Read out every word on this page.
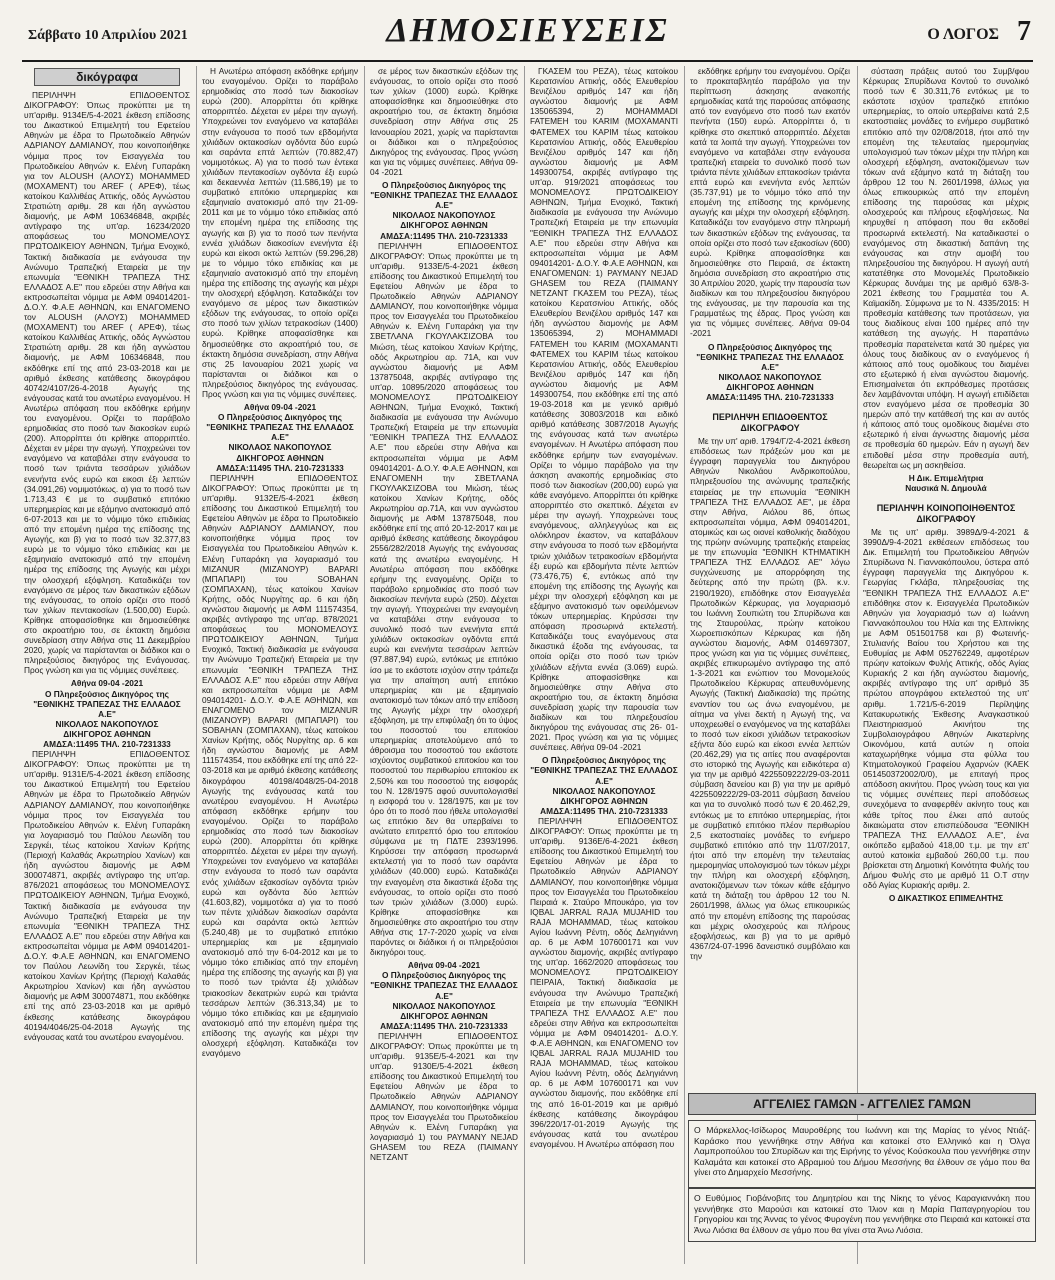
Σάββατο 10 Απριλίου 2021	ΔΗΜΟΣΙΕΥΣΕΙΣ	Ο ΛΟΓΟΣ 7
δικόγραφα

ΠΕΡΙΛΗΨΗ ΕΠΙΔΟΘΕΝΤΟΣ ΔΙΚΟΓΡΑΦΟΥ: Όπως προκύπτει με τη υπ'αριθμ. 9134Ε/5-4-2021 έκθεση επίδοσης του Δικαστικού Επιμελητή του Εφετείου Αθηνών με έδρα το Πρωτοδικείο Αθηνών ΑΔΡΙΑΝΟΥ ΔΑΜΙΑΝΟΥ, που κοινοποιήθηκε νόμιμα προς τον Εισαγγελέα του Πρωτοδικείου Αθηνών κ. Ελένη Γυπαράκη για τον ALOUSH (ΑΛΟΥΣ) MOHAMMED (MOXAMENT) του AREF ( ΑΡΕΦ), τέως κατοίκου Καλλιθέας Αττικής, οδός Αγνώστου Στρατιώτη αριθμ. 28 και ήδη αγνώστου διαμονής, με ΑΦΜ 106346848, ακριβές αντίγραφο της υπ'αρ. 16234/2020 αποφάσεως του ΜΟΝΟΜΕΛΟΥΣ ΠΡΩΤΟΔΙΚΕΙΟΥ ΑΘΗΝΩΝ, Τμήμα Ενοχικό, Τακτική διαδικασία με ενάγουσα την Ανώνυμο Τραπεζική Εταιρεία με την επωνυμία "ΕΘΝΙΚΗ ΤΡΑΠΕΖΑ ΤΗΣ ΕΛΛΑΔΟΣ Α.Ε" που εδρεύει στην Αθήνα και εκπροσωπείται νόμιμα με ΑΦΜ 094014201- Δ.Ο.Υ. Φ.Α.Ε ΑΘΗΝΩΝ, και ΕΝΑΓΟΜΕΝΟ τον ALOUSH (ΑΛΟΥΣ) MOHAMMED (MOXAMENT) του AREF ( ΑΡΕΦ), τέως κατοίκου Καλλιθέας Αττικής, οδός Αγνώστου Στρατιώτη αριθμ. 28 και ήδη αγνώστου διαμονής, με ΑΦΜ 106346848, που εκδόθηκε επί της από 23-03-2018 και με αριθμό έκθεσης κατάθεσης δικογράφου 40742/4107/26-4-2018 Αγωγής της ενάγουσας κατά του ανωτέρω εναγομένου. Η Ανωτέρω απόφαση που εκδόθηκε ερήμην του εναγομένου. Ορίζει το παράβολο ερημοδικίας στο ποσό των διακοσίων ευρώ (200). Απορρίπτει ότι κρίθηκε απορριπτέο. Δέχεται εν μέρει την αγωγή. Υποχρεώνει τον εναγόμενο να καταβάλει στην ενάγουσα το ποσό των τριάντα τεσσάρων χιλιάδων ενενήντα ενός ευρώ και εικοσι έξι λεπτών (34.091,26) νομιμοτόκως. α) για το ποσό των 1.713,43 € με το συμβατικό επιτόκιο υπερημερίας και με εξάμηνο ανατοκισμό από 6-07-2013 και με το νόμιμο τόκο επιδικίας από την επομένη ημέρα της επίδοσης της Αγωγής, και β) για το ποσό των 32.377,83 ευρώ με το νόμιμο τόκο επιδικίας και με εξαμηνιαίο ανατοκισμό από την επομένη ημέρα της επίδοσης της Αγωγής και μέχρι την ολοσχερή εξόφληση. Καταδικάζει τον εναγόμενο σε μέρος των δικαστικών εξόδων της ενάγουσας, το οποίο ορίζει στο ποσό των χιλίων πεντακοσίων (1.500,00) Ευρώ. Κρίθηκε αποφασίσθηκε και δημοσιεύθηκε στο ακροατήριο του, σε έκτακτη δημόσια συνεδρίαση στην Αθήνα στις 11 Δεκεμβρίου 2020, χωρίς να παρίστανται οι διάδικοι και ο πληρεξούσιος δικηγόρος της Ενάγουσας. Προς γνώση και για τις νόμιμες συνέπειες.

Αθήνα 09-04 -2021

Ο Πληρεξούσιος Δικηγόρος της "ΕΘΝΙΚΗΣ ΤΡΑΠΕΖΑΣ ΤΗΣ ΕΛΛΑΔΟΣ Α.Ε"

ΝΙΚΟΛΑΟΣ ΝΑΚΟΠΟΥΛΟΣ

ΔΙΚΗΓΟΡΟΣ ΑΘΗΝΩΝ

ΑΜΔΣΑ:11495 ΤΗΛ. 210-7231333

ΠΕΡΙΛΗΨΗ ΕΠΙΔΟΘΕΝΤΟΣ ΔΙΚΟΓΡΑΦΟΥ: Όπως προκύπτει με τη υπ'αριθμ. 9131Ε/5-4-2021 έκθεση επίδοσης του Δικαστικού Επιμελητή του Εφετείου Αθηνών με έδρα το Πρωτοδικείο Αθηνών ΑΔΡΙΑΝΟΥ ΔΑΜΙΑΝΟΥ, που κοινοποιήθηκε νόμιμα προς τον Εισαγγελέα του Πρωτοδικείου Αθηνών κ. Ελένη Γυπαράκη για λογαριασμό του Παύλου Λεωνίδη του Σεργκέι, τέως κατοίκου Χανίων Κρήτης (Περιοχή Καλαθάς Ακρωτηρίου Χανίων) και ήδη αγνώστου διαμονής με ΑΦΜ 300074871, ακριβές αντίγραφο της υπ'αρ. 876/2021 αποφάσεως του ΜΟΝΟΜΕΛΟΥΣ ΠΡΩΤΟΔΙΚΕΙΟΥ ΑΘΗΝΩΝ, Τμήμα Ενοχικό, Τακτική διαδικασία με ενάγουσα την Ανώνυμο Τραπεζική Εταιρεία με την επωνυμία "ΕΘΝΙΚΗ ΤΡΑΠΕΖΑ ΤΗΣ ΕΛΛΑΔΟΣ Α.Ε" που εδρεύει στην Αθήνα και εκπροσωπείται νόμιμα με ΑΦΜ 094014201- Δ.Ο.Υ. Φ.Α.Ε ΑΘΗΝΩΝ, και ΕΝΑΓΟΜΕΝΟ τον Παύλου Λεωνίδη του Σεργκέι, τέως κατοίκου Χανίων Κρήτης (Περιοχή Καλαθάς Ακρωτηρίου Χανίων) και ήδη αγνώστου διαμονής με ΑΦΜ 300074871, που εκδόθηκε επί της από 23-03-2018 και με αριθμό έκθεσης κατάθεσης δικογράφου 40194/4046/25-04-2018 Αγωγής της ενάγουσας κατά του ανωτέρου εναγομένου.

Η Ανωτέρω απόφαση εκδόθηκε ερήμην του εναγομένου. Ορίζει το παράβολο ερημοδικίας στο ποσό των διακοσίων ευρώ (200). Απορρίπτει ότι κρίθηκε απορριπτέο. Δέχεται εν μέρει την αγωγή. Υποχρεώνει τον εναγόμενο να καταβάλει στην ενάγουσα το ποσό των εβδομήντα χιλιάδων οκτακοσίων ογδόντα δύο ευρώ και σαράντα επτά λεπτών (70.882,47) νομιμοτόκως. Α) για το ποσό των έντεκα χιλιάδων πεντακοσίων ογδόντα έξι ευρώ και δεκαεννέα λεπτών (11.586,19) με το συμβατικό επιτόκιο υπερημερίας και εξαμηνιαίο ανατοκισμό από την 21-09-2011 και με το νόμιμο τόκο επιδικίας από την επομένη ημέρα της επίδοσης της αγωγής και β) για το ποσό των πενήντα εννέα χιλιάδων διακοσίων ενενήντα έξι ευρώ και είκοσι οκτώ λεπτών (59.296,28) με το νόμιμο τόκο επιδικίας και με εξαμηνιαίο ανατοκισμό από την επομένη ημέρα της επίδοσης της αγωγής και μέχρι την ολοσχερή εξόφληση. Καταδικάζει τον εναγόμενο σε μέρος των δικαστικών εξόδων της ενάγουσας, το οποίο ορίζει στο ποσό των χιλίων τετρακοσίων (1400) ευρώ. Κρίθηκε αποφασίσθηκε και δημοσιεύθηκε στο ακροατήριό του, σε έκτακτη δημόσια συνεδρίαση, στην Αθήνα στις 25 Ιανουαρίου 2021 χωρίς να παρίστανται οι διάδικοι και ο πληρεξούσιος δικηγόρος της ενάγουσας. Προς γνώση και για τις νόμιμες συνέπειες.

Αθήνα 09-04 -2021

Ο Πληρεξούσιος Δικηγόρος της "ΕΘΝΙΚΗΣ ΤΡΑΠΕΖΑΣ ΤΗΣ ΕΛΛΑΔΟΣ Α.Ε"

ΝΙΚΟΛΑΟΣ ΝΑΚΟΠΟΥΛΟΣ

ΔΙΚΗΓΟΡΟΣ ΑΘΗΝΩΝ

ΑΜΔΣΑ:11495 ΤΗΛ. 210-7231333

ΠΕΡΙΛΗΨΗ ΕΠΙΔΟΘΕΝΤΟΣ ΔΙΚΟΓΡΑΦΟΥ: Όπως προκύπτει με τη υπ'αριθμ. 9132Ε/5-4-2021 έκθεση επίδοσης του Δικαστικού Επιμελητή του Εφετείου Αθηνών με έδρα το Πρωτοδικείο Αθηνών ΑΔΡΙΑΝΟΥ ΔΑΜΙΑΝΟΥ, που κοινοποιήθηκε νόμιμα προς τον Εισαγγελέα του Πρωτοδικείου Αθηνών κ. Ελένη Γυπαράκη για λογαριασμό του MIZANUR (ΜΙΖΑΝΟΥΡ) BAPARI (ΜΠΑΠΑΡΙ) του SOBAHAN (ΣΟΜΠΑΧΑΝ), τέως κατοίκου Χανίων Κρήτης, οδός Νυργίτης αρ. 6 και ήδη αγνώστου διαμονής με ΑΦΜ 111574354, ακριβές αντίγραφο της υπ'αρ. 878/2021 αποφάσεως του ΜΟΝΟΜΕΛΟΥΣ ΠΡΩΤΟΔΙΚΕΙΟΥ ΑΘΗΝΩΝ, Τμήμα Ενοχικό, Τακτική διαδικασία με ενάγουσα την Ανώνυμο Τραπεζική Εταιρεία με την επωνυμία "ΕΘΝΙΚΗ ΤΡΑΠΕΖΑ ΤΗΣ ΕΛΛΑΔΟΣ Α.Ε" που εδρεύει στην Αθήνα και εκπροσωπείται νόμιμα με ΑΦΜ 094014201- Δ.Ο.Υ. Φ.Α.Ε ΑΘΗΝΩΝ, και ΕΝΑΓΟΜΕΝΟ τον MIZANUR (ΜΙΖΑΝΟΥΡ) BAPARI (ΜΠΑΠΑΡΙ) του SOBAHAN (ΣΟΜΠΑΧΑΝ), τέως κατοίκου Χανίων Κρήτης, οδός Νυργίτης αρ. 6 και ήδη αγνώστου διαμονής με ΑΦΜ 111574354, που εκδόθηκε επί της από 22-03-2018 και με αριθμό έκθεσης κατάθεσης δικογράφου 40198/4048/25-04-2018 Αγωγής της ενάγουσας κατά του ανωτέρου εναγομένου. Η Ανωτέρω απόφαση εκδόθηκε ερήμην του εναγομένου. Ορίζει το παράβολο ερημοδικίας στο ποσό των διακοσίων ευρώ (200). Απορρίπτει ότι κρίθηκε απορριπτέο. Δέχεται εν μέρει την αγωγή. Υποχρεώνει τον εναγόμενο να καταβάλει στην ενάγουσα το ποσό των σαράντα ενός χιλιάδων εξακοσίων ογδόντα τριών ευρώ και ογδόντα δύο λεπτών (41.603,82), νομιμοτόκα α) για το ποσό των πέντε χιλιάδων διακοσίων σαράντα ευρώ και σαράντα οκτώ λεπτών (5.240,48) με το συμβατικό επιτόκιο υπερημερίας και με εξαμηνιαίο ανατοκισμό από την 6-04-2012 και με το νόμιμο τόκο επιδικίας από την επομένη ημέρα της επίδοσης της αγωγής και β) για το ποσό των τριάντα έξι χιλιάδων τριακοσίων δεκατριών ευρώ και τριάντα τεσσάρων λεπτών (36.313,34) με το νόμιμο τόκο επιδικίας και με εξαμηνιαίο ανατοκισμό από την επομένη ημέρα της επίδοσης της αγωγής και μέχρι την ολοσχερή εξόφληση. Καταδικάζει τον εναγόμενο

σε μέρος των δικαστικών εξόδων της ενάγουσας, το οποίο ορίζει στο ποσό των χιλίων (1000) ευρώ. Κρίθηκε αποφασίσθηκε και δημοσιεύθηκε στο ακροατήριο του, σε έκτακτη δημόσια συνεδρίαση στην Αθήνα στις 25 Ιανουαρίου 2021, χωρίς να παρίστανται οι διάδικοι και ο πληρεξούσιος Δικηγόρος της ενάγουσας. Προς γνώση και για τις νόμιμες συνέπειες. Αθήνα 09-04 -2021

Ο Πληρεξούσιος Δικηγόρος της "ΕΘΝΙΚΗΣ ΤΡΑΠΕΖΑΣ ΤΗΣ ΕΛΛΑΔΟΣ Α.Ε"

ΝΙΚΟΛΑΟΣ ΝΑΚΟΠΟΥΛΟΣ

ΔΙΚΗΓΟΡΟΣ ΑΘΗΝΩΝ

ΑΜΔΣΑ:11495 ΤΗΛ. 210-7231333

ΠΕΡΙΛΗΨΗ ΕΠΙΔΟΘΕΝΤΟΣ ΔΙΚΟΓΡΑΦΟΥ: Όπως προκύπτει με τη υπ'αριθμ. 9133Ε/5-4-2021 έκθεση επίδοσης του Δικαστικού Επιμελητή του Εφετείου Αθηνών με έδρα το Πρωτοδικείο Αθηνών ΑΔΡΙΑΝΟΥ ΔΑΜΙΑΝΟΥ, που κοινοποιήθηκε νόμιμα προς τον Εισαγγελέα του Πρωτοδικείου Αθηνών κ. Ελένη Γυπαράκη για την ΣΒΕΤΛΑΝΑ ΓΚΟΥΛΑΚΣΙΖΟΒΑ του Μιώση, τέως κατοίκου Χανίων Κρήτης, οδός Ακρωτηρίου αρ. 71Α, και νυν αγνώστου διαμονής με ΑΦΜ 137875048, ακριβές αντίγραφο της υπ'αρ. 10895/2020 αποφάσεως του ΜΟΝΟΜΕΛΟΥΣ ΠΡΩΤΟΔΙΚΕΙΟΥ ΑΘΗΝΩΝ, Τμήμα Ενοχικό, Τακτική διαδικασία με ενάγουσα την Ανώνυμο Τραπεζική Εταιρεία με την επωνυμία "ΕΘΝΙΚΗ ΤΡΑΠΕΖΑ ΤΗΣ ΕΛΛΑΔΟΣ Α.Ε" που εδρεύει στην Αθήνα και εκπροσωπείται νόμιμα με ΑΦΜ 094014201- Δ.Ο.Υ. Φ.Α.Ε ΑΘΗΝΩΝ, και ΕΝΑΓΟΜΕΝΗ την ΣΒΕΤΛΑΝΑ ΓΚΟΥΛΑΚΣΙΖΟΒΑ του Μιώση, τέως κατοίκου Χανίων Κρήτης, οδός Ακρωτηρίου αρ.71Α, και νυν αγνώστου διαμονής με ΑΦΜ 137875048, που εκδόθηκε επί της από 20-12-2017 και με αριθμό έκθεσης κατάθεσης δικογράφου 2556/282/2018 Αγωγής της ενάγουσας κατά της ανωτέρω εναγομένης. Η Ανωτέρω απόφαση που εκδόθηκε ερήμην της εναγομένης. Ορίζει το παράβολο ερημοδικίας στο ποσό των διακοσίων πενήντα ευρώ (250). Δέχεται την αγωγή. Υποχρεώνει την εναγομένη να καταβάλει στην ενάγουσα το συνολικό ποσό των ενενήντα επτά χιλιάδων οκτακοσίων ογδόντα επτά ευρώ και ενενήντα τεσσάρων λεπτών (97.887,94) ευρώ, εντόκως με επιτόκιο ίσο με το εκάστοτε ισχύον στην τράπεζα για την απαίτηση αυτή επιτόκιο υπερημερίας και με εξαμηνιαίο ανατοκισμό των τόκων από την επίδοση της Αγωγής μέχρι την ολοσχερή εξόφληση, με την επιφύλαξη ότι το ύψος του ποσοστού του επιτοκίου υπερημερίας αποτελούμενο από το άθροισμα του ποσοστού του εκάστοτε ισχύοντος συμβατικού επιτοκίου και του ποσοστού του περιθωρίου επιτοκίου εκ 2,50% και του ποσοστού της εισφοράς του Ν. 128/1975 αφού συνυπολογισθεί η εισφορά του ν. 128/1975, και με τον όρο ότι το ποσό που ήθελε υπολογισθεί ως επιτόκιο δεν θα υπερβαίνει το ανώτατο επιτρεπτό όριο του επιτοκίου σύμφωνα με τη ΠΔΤΕ 2393/1996. Κηρύσσει την απόφαση προσωρινά εκτελεστή για το ποσό των σαράντα χιλιάδων (40.000) ευρώ. Καταδικάζει την εναγομένη στα δικαστικά έξοδα της ενάγουσας, το οποίο ορίζει στο ποσό των τριών χιλιάδων (3.000) ευρώ. Κρίθηκε αποφασίσθηκε και δημοσιεύθηκε στο ακροατήριο του στην Αθήνα στις 17-7-2020 χωρίς να είναι παρόντες οι διάδικοι ή οι πληρεξούσιοι δικηγόροι τους.

Αθήνα 09-04 -2021

Ο Πληρεξούσιος Δικηγόρος της "ΕΘΝΙΚΗΣ ΤΡΑΠΕΖΑΣ ΤΗΣ ΕΛΛΑΔΟΣ Α.Ε"

ΝΙΚΟΛΑΟΣ ΝΑΚΟΠΟΥΛΟΣ

ΔΙΚΗΓΟΡΟΣ ΑΘΗΝΩΝ

ΑΜΔΣΑ:11495 ΤΗΛ. 210-7231333

ΠΕΡΙΛΗΨΗ ΕΠΙΔΟΘΕΝΤΟΣ ΔΙΚΟΓΡΑΦΟΥ: Όπως προκύπτει με τη υπ'αριθμ. 9135Ε/5-4-2021 και την υπ'αρ. 9130Ε/5-4-2021 έκθεση επίδοσης του Δικαστικού Επιμελητή του Εφετείου Αθηνών με έδρα το Πρωτοδικείο Αθηνών ΑΔΡΙΑΝΟΥ ΔΑΜΙΑΝΟΥ, που κοινοποιήθηκε νόμιμα προς τον Εισαγγελέα του Πρωτοδικείου Αθηνών κ. Ελένη Γυπαράκη για λογαριασμό 1) του PAYMANY NEJAD GHASEM του REZA (ΠΑΙΜΑΝΥ ΝΕΤΖΑΝΤ

ΓΚΑΣΕΜ του ΡΕΖΑ), τέως κατοίκου Κερατσινίου Αττικής, οδός Ελευθερίου Βενιζέλου αριθμός 147 και ήδη αγνώστου διαμονής με ΑΦΜ 135065394, 2) MOHAMMADI FATEMEH του KARIM (ΜΟΧΑΜΑΝΤΙ ΦΑΤΕΜΕΧ του ΚΑΡΙΜ τέως κατοίκου Κερατσινίου Αττικής, οδός Ελευθερίου Βενιζέλου αριθμός 147 και ήδη αγνώστου διαμονής με ΑΦΜ 149300754, ακριβές αντίγραφο της υπ'αρ. 919/2021 αποφάσεως του ΜΟΝΟΜΕΛΟΥΣ ΠΡΩΤΟΔΙΚΕΙΟΥ ΑΘΗΝΩΝ, Τμήμα Ενοχικό, Τακτική διαδικασία με ενάγουσα την Ανώνυμο Τραπεζική Εταιρεία με την επωνυμία "ΕΘΝΙΚΗ ΤΡΑΠΕΖΑ ΤΗΣ ΕΛΛΑΔΟΣ Α.Ε" που εδρεύει στην Αθήνα και εκπροσωπείται νόμιμα με ΑΦΜ 094014201- Δ.Ο.Υ. Φ.Α.Ε ΑΘΗΝΩΝ, και ΕΝΑΓΟΜΕΝΩΝ: 1) PAYMANY NEJAD GHASEM του REZA (ΠΑΙΜΑΝΥ ΝΕΤΖΑΝΤ ΓΚΑΣΕΜ του ΡΕΖΑ), τέως κατοίκου Κερατσινίου Αττικής, οδός Ελευθερίου Βενιζέλου αριθμός 147 και ήδη αγνώστου διαμονής με ΑΦΜ 135065394, 2) MOHAMMADI FATEMEH του KARIM (ΜΟΧΑΜΑΝΤΙ ΦΑΤΕΜΕΧ του ΚΑΡΙΜ τέως κατοίκου Κερατσινίου Αττικής, οδός Ελευθερίου Βενιζέλου αριθμός 147 και ήδη αγνώστου διαμονής με ΑΦΜ 149300754, που εκδόθηκε επί της από 19-03-2018 και με γενικό αριθμό κατάθεσης 30803/2018 και ειδικό αριθμό κατάθεσης 3087/2018 Αγωγής της ενάγουσας κατά των ανωτέρω εναγομένων. Η Ανωτέρω απόφαση που εκδόθηκε ερήμην των εναγομένων. Ορίζει το νόμιμο παράβολο για την άσκηση ανακοπής ερημοδικίας στο ποσό των διακοσίων (200,00) ευρώ για κάθε εναγόμενο. Απορρίπτει ότι κρίθηκε απορριπτέο στο σκεπτικό. Δέχεται εν μέρει την αγωγή. Υποχρεώνει τους εναγόμενους, αλληλεγγύως και εις ολόκληρον έκαστον, να καταβάλουν στην ενάγουσα το ποσό των εβδομήντα τριών χιλιάδων τετρακοσίων εβδομήντα έξι ευρώ και εβδομήντα πέντε λεπτών (73.476,75) €, εντόκως από την επομένη της επίδοσης της Αγωγής και μέχρι την ολοσχερή εξόφληση και με εξάμηνο ανατοκισμό των οφειλόμενων τόκων υπερημερίας. Κηρύσσει την απόφαση προσωρινά εκτελεστή. Καταδικάζει τους εναγόμενους στα δικαστικά έξοδα της ενάγουσας, τα οποία ορίζει στο ποσό των τριών χιλιάδων εξήντα εννέα (3.069) ευρώ. Κρίθηκε αποφασίσθηκε και δημοσιεύθηκε στην Αθήνα στο ακροατήριο του, σε έκτακτη δημόσια συνεδρίαση χωρίς την παρουσία των διαδίκων και του πληρεξουσίου δικηγόρου της ενάγουσας στις 26- 01-2021. Προς γνώση και για τις νόμιμες συνέπειες. Αθήνα 09-04 -2021

Ο Πληρεξούσιος Δικηγόρος της "ΕΘΝΙΚΗΣ ΤΡΑΠΕΖΑΣ ΤΗΣ ΕΛΛΑΔΟΣ Α.Ε"

ΝΙΚΟΛΑΟΣ ΝΑΚΟΠΟΥΛΟΣ

ΔΙΚΗΓΟΡΟΣ ΑΘΗΝΩΝ

ΑΜΔΣΑ:11495 ΤΗΛ. 210-7231333

ΠΕΡΙΛΗΨΗ ΕΠΙΔΟΘΕΝΤΟΣ ΔΙΚΟΓΡΑΦΟΥ: Όπως προκύπτει με τη υπ'αριθμ. 9136Ε/6-4-2021 έκθεση επίδοσης του Δικαστικού Επιμελητή του Εφετείου Αθηνών με έδρα το Πρωτοδικείο Αθηνών ΑΔΡΙΑΝΟΥ ΔΑΜΙΑΝΟΥ, που κοινοποιήθηκε νόμιμα προς τον Εισαγγελέα του Πρωτοδικείου Πειραιά κ. Σταύρο Μπουκάρο, για τον IQBAL JARRAL RAJA MUJAHID του RAJA MOHAMMAD, τέως κατοίκου Αγίου Ιωάννη Ρέντη, οδός Δεληγιάννη αρ. 6 με ΑΦΜ 107600171 και νυν αγνώστου διαμονής, ακριβές αντίγραφο της υπ'αρ. 1662/2020 αποφάσεως του ΜΟΝΟΜΕΛΟΥΣ ΠΡΩΤΟΔΙΚΕΙΟΥ ΠΕΙΡΑΙΑ, Τακτική διαδικασία με ενάγουσα την Ανώνυμο Τραπεζική Εταιρεία με την επωνυμία "ΕΘΝΙΚΗ ΤΡΑΠΕΖΑ ΤΗΣ ΕΛΛΑΔΟΣ Α.Ε" που εδρεύει στην Αθήνα και εκπροσωπείται νόμιμα με ΑΦΜ 094014201- Δ.Ο.Υ. Φ.Α.Ε ΑΘΗΝΩΝ, και ΕΝΑΓΟΜΕΝΟ τον IQBAL JARRAL RAJA MUJAHID του RAJA MOHAMMAD, τέως κατοίκου Αγίου Ιωάννη Ρέντη, οδός Δεληγιάννη αρ. 6 με ΑΦΜ 107600171 και νυν αγνώστου διαμονής, που εκδόθηκε επί της από 16-01-2019 και με αριθμό έκθεσης κατάθεσης δικογράφου 396/220/17-01-2019 Αγωγής της ενάγουσας κατά του ανωτέρου εναγομένου. Η Ανωτέρω απόφαση που

εκδόθηκε ερήμην του εναγομένου. Ορίζει το προκαταβλητέο παράβολο για την περίπτωση άσκησης ανακοπής ερημοδικίας κατά της παρούσας απόφασης από τον εναγόμενο στο ποσό των εκατόν πενήντα (150) ευρώ. Απορρίπτει ό, τι κρίθηκε στο σκεπτικό απορριπτέο. Δέχεται κατά τα λοιπά την αγωγή. Υποχρεώνει τον εναγόμενο να καταβάλει στην ενάγουσα τραπεζική εταιρεία το συνολικό ποσό των τριάντα πέντε χιλιάδων επτακοσίων τριάντα επτά ευρώ και ενενήντα ενός λεπτών (35.737,91) με το νόμιμο τόκο από την επομένη της επίδοσης της κρινόμενης αγωγής και μέχρι την ολοσχερή εξόφληση. Καταδικάζει τον εναγόμενο στην πληρωμή των δικαστικών εξόδων της ενάγουσας, τα οποία ορίζει στο ποσό των εξακοσίων (600) ευρώ. Κρίθηκε αποφασίσθηκε και δημοσιεύθηκε στο Πειραιά, σε έκτακτη δημόσια συνεδρίαση στο ακροατήριο στις 30 Απριλίου 2020, χωρίς την παρουσία των διαδίκων και του πληρεξουσίου δικηγόρου της ενάγουσας, με την παρουσία και της Γραμματέως της έδρας. Προς γνώση και για τις νόμιμες συνέπειες. Αθήνα 09-04 -2021

Ο Πληρεξούσιος Δικηγόρος της "ΕΘΝΙΚΗΣ ΤΡΑΠΕΖΑΣ ΤΗΣ ΕΛΛΑΔΟΣ Α.Ε"

ΝΙΚΟΛΑΟΣ ΝΑΚΟΠΟΥΛΟΣ

ΔΙΚΗΓΟΡΟΣ ΑΘΗΝΩΝ

ΑΜΔΣΑ:11495 ΤΗΛ. 210-7231333

ΠΕΡΙΛΗΨΗ ΕΠΙΔΟΘΕΝΤΟΣ ΔΙΚΟΓΡΑΦΟΥ

Με την υπ' αριθ. 1794/Γ/2-4-2021 έκθεση επιδόσεως των πράξεών μου και με έγγραφη παραγγελία του Δικηγόρου Αθηνών Νικολάου Ανδρικοπούλου, πληρεξουσίου της ανώνυμης τραπεζικής εταιρείας με την επωνυμία "ΕΘΝΙΚΗ ΤΡΑΠΕΖΑ ΤΗΣ ΕΛΛΑΔΟΣ ΑΕ", με έδρα στην Αθήνα, Αιόλου 86, όπως εκπροσωπείται νόμιμα, ΑΦΜ 094014201, ατομικώς και ως οιονεί καθολικής διαδόχου της πρώην ανώνυμης τραπεζικής εταιρείας με την επωνυμία "ΕΘΝΙΚΗ ΚΤΗΜΑΤΙΚΗ ΤΡΑΠΕΖΑ ΤΗΣ ΕΛΛΑΔΟΣ ΑΕ" λόγω συγχώνευσης με απορρόφηση της δεύτερης από την πρώτη (βλ. κ.ν. 2190/1920), επιδόθηκε στον Εισαγγελέα Πρωτοδικών Κέρκυρας, για λογαριασμό του Ιωάννη Σουπιώτη του Σπυρίδωνα και της Σταυρούλας, πρώην κατοίκου Χωροεπισκόπων Κέρκυρας και ήδη αγνώστου διαμονής, ΑΦΜ 014697307, προς γνώση και για τις νόμιμες συνέπειες, ακριβές επικυρωμένο αντίγραφο της από 1-3-2021 και ενώπιον του Μονομελούς Πρωτοδικείου Κέρκυρας απευθυνόμενης Αγωγής (Τακτική Διαδικασία) της πρώτης εναντίον του ως άνω εναγομένου, με αίτημα να γίνει δεκτή η Αγωγή της, να υποχρεωθεί ο εναγόμενος να της καταβάλει το ποσό των είκοσι χιλιάδων τετρακοσίων εξήντα δύο ευρώ και είκοσι εννέα λεπτών (20.462,29) για τις αιτίες που αναφέρονται στο ιστορικό της Αγωγής και ειδικότερα α) για την με αριθμό 4225509222/29-03-2011 σύμβαση δανείου και β) για την με αριθμό 4225509222/29-03-2011 σύμβαση δανείου και για το συνολικό ποσό των € 20.462,29, εντόκως με το επιτόκιο υπερημερίας, ήτοι με συμβατικό επιτόκιο πλέον περιθωρίου 2,5 εκατοστιαίες μονάδες το ενήμερο συμβατικό επιτόκιο από την 11/07/2017, ήτοι από την επομένη την τελευταίας ημερομηνίας υπολογισμού των τόκων μέχρι την πλήρη και ολοσχερή εξόφληση, ανατοκιζόμενων των τόκων κάθε εξάμηνο κατά τη διάταξη του άρθρου 12 του Ν. 2601/1998, άλλως για όλως επικουρικώς από την επομένη επίδοσης της παρούσας και μέχρις ολοσχερούς και πλήρους εξοφλήσεως, και β) για το με αριθμό 4367/24-07-1996 δανειστικό συμβόλαιο και την

σύσταση πράξεις αυτού του Συμβ/φου Κέρκυρας Σπυρίδωνα Κοντού το συνολικό ποσό των € 30.311,76 εντόκως με το εκάστοτε ισχύον τραπεζικό επιτόκιο υπερημερίας, το οποίο υπερβαίνει κατά 2,5 εκατοστιαίες μονάδες το ενήμερο συμβατικό επιτόκιο από την 02/08/2018, ήτοι από την επομένη της τελευταίας ημερομηνίας υπολογισμού των τόκων μέχρι την πλήρη και ολοσχερή εξόφληση, ανατοκιζόμενων των τόκων ανά εξάμηνο κατά τη διάταξη του άρθρου 12 του Ν. 2601/1998, άλλως για όλως επικουρικώς από την επομένη επίδοσης της παρούσας και μέχρις ολοσχερούς και πλήρους εξοφλήσεως. Να κηρυχθεί η απόφαση που θα εκδοθεί προσωρινά εκτελεστή. Να καταδικαστεί ο εναγόμενος στη δικαστική δαπάνη της ενάγουσας και στην αμοιβή του πληρεξουσίου της δικηγόρου. Η αγωγή αυτή κατατέθηκε στο Μονομελές Πρωτοδικείο Κέρκυρας δυνάμει της με αριθμό 63/8-3-2021 έκθεσης του Γραμματέα του Α. Καϊμακίδη. Σύμφωνα με το Ν. 4335/2015: Η προθεσμία κατάθεσης των προτάσεων, για τους διαδίκους είναι 100 ημέρες από την κατάθεση της αγωγής. Η παραπάνω προθεσμία παρατείνεται κατά 30 ημέρες για όλους τους διαδίκους αν ο εναγόμενος ή κάποιος από τους ομοδίκους του διαμένει στο εξωτερικό ή είναι αγνώστου διαμονής. Επισημαίνεται ότι εκπρόθεσμες προτάσεις δεν λαμβάνονται υπόψη. Η αγωγή επιδίδεται στον εναγόμενο μέσα σε προθεσμία 30 ημερών από την κατάθεσή της και αν αυτός ή κάποιος από τους ομοδίκους διαμένει στο εξωτερικό ή είναι άγνωστης διαμονής μέσα σε προθεσμία 60 ημερών. Εάν η αγωγή δεν επιδοθεί μέσα στην προθεσμία αυτή, θεωρείται ως μη ασκηθείσα.

Η Δικ. Επιμελήτρια

Ναυσικά Ν. Δημουλά

ΠΕΡΙΛΗΨΗ ΚΟΙΝΟΠΟΙΗΘΕΝΤΟΣ ΔΙΚΟΓΡΑΦΟΥ

Με τις υπ' αριθμ. 3989Δ/9-4-2021 & 3990Δ/9-4-2021 εκθέσεων επιδόσεως του Δικ. Επιμελητή του Πρωτοδικείου Αθηνών Σπυρίδωνα Ν. Γιαννακόπουλου, ύστερα από έγγραφη παραγγελία της Δικηγόρου κ. Γεωργίας Γκλάβα, πληρεξουσίας της "ΕΘΝΙΚΗ ΤΡΑΠΕΖΑ ΤΗΣ ΕΛΛΑΔΟΣ Α.Ε" επιδόθηκε στον κ. Εισαγγελέα Πρωτοδικών Αθηνών για λογαριασμό των α) Ιωάννη Γιαννακόπουλου του Ηλία και της Ελπινίκης με ΑΦΜ 051501758 και β) Φωτεινής- Στυλιανής Βαίου του Χρήστου και της Ευθυμίας με ΑΦΜ 052762249, αμφοτέρων πρώην κατοίκων Φυλής Αττικής, οδός Αγίας Κυριακής 2 και ήδη αγνώστου διαμονής, ακριβές αντίγραφο της υπ' αριθμό 35 πρώτου απογράφου εκτελεστού της υπ' αριθμ. 1.721/5-6-2019 Περίληψης Κατακυρωτικής Έκθεσης Αναγκαστικού Πλειστηριασμού Ακινήτου της Συμβολαιογράφου Αθηνών Αικατερίνης Οικονόμου, κατά αυτών η οποία καταχωρήθηκε νόμιμα στα φύλλα του Κτηματολογικού Γραφείου Αχαρνών (ΚΑΕΚ 051450372002/0/0), με επιταγή προς απόδοση ακινήτου. Προς γνώση τους και για τις νόμιμες συνέπειες περί αποδόσεως συνεχόμενα το αναφερθέν ακίνητο τους και κάθε τρίτος που έλκει από αυτούς δικαιώματα στον επισπεύδουσα "ΕΘΝΙΚΗ ΤΡΑΠΕΖΑ ΤΗΣ ΕΛΛΑΔΟΣ Α.Ε", ένα οικόπεδο εμβαδού 418,00 τ.μ. με την επ' αυτού κατοικία εμβαδού 260,00 τ.μ. που βρίσκεται στη Δημοτική Κοινότητα Φυλής του Δήμου Φυλής στο με αριθμό 11 Ο.Τ στην οδό Αγίας Κυριακής αριθμ. 2.

Ο ΔΙΚΑΣΤΙΚΟΣ ΕΠΙΜΕΛΗΤΗΣ

ΑΓΓΕΛΙΕΣ ΓΑΜΩΝ - ΑΓΓΕΛΙΕΣ ΓΑΜΩΝ
Ο Μάρκελλος-Ισίδωρος Μαυροθέρης του Ιωάννη και της Μαρίας το γένος Ντιάζ-Καράσκο που γεννήθηκε στην Αθήνα και κατοικεί στο Ελληνικό και η Όλγα Λαμπροπούλου του Σπυρίδων και της Ειρήνης το γένος Κούσκουλα που γεννήθηκε στην Καλαμάτα και κατοικεί στο Αβραμιού του Δήμου Μεσσήνης θα έλθουν σε γάμο που θα γίνει στο Δημαρχείο Μεσσήνης.
Ο Ευθύμιος Γιοβάνοβιτς του Δημητρίου και της Νίκης το γένος Καραγιαννάκη που γεννήθηκε στο Μαρούσι και κατοικεί στο Ίλιον και η Μαρία Παπαγρηγορίου του Γρηγορίου και της Άννας το γένος Φυρογένη που γεννήθηκε στο Πειραιά και κατοικεί στα Άνω Λιόσια θα έλθουν σε γάμο που θα γίνει στα Άνω Λιόσια.
